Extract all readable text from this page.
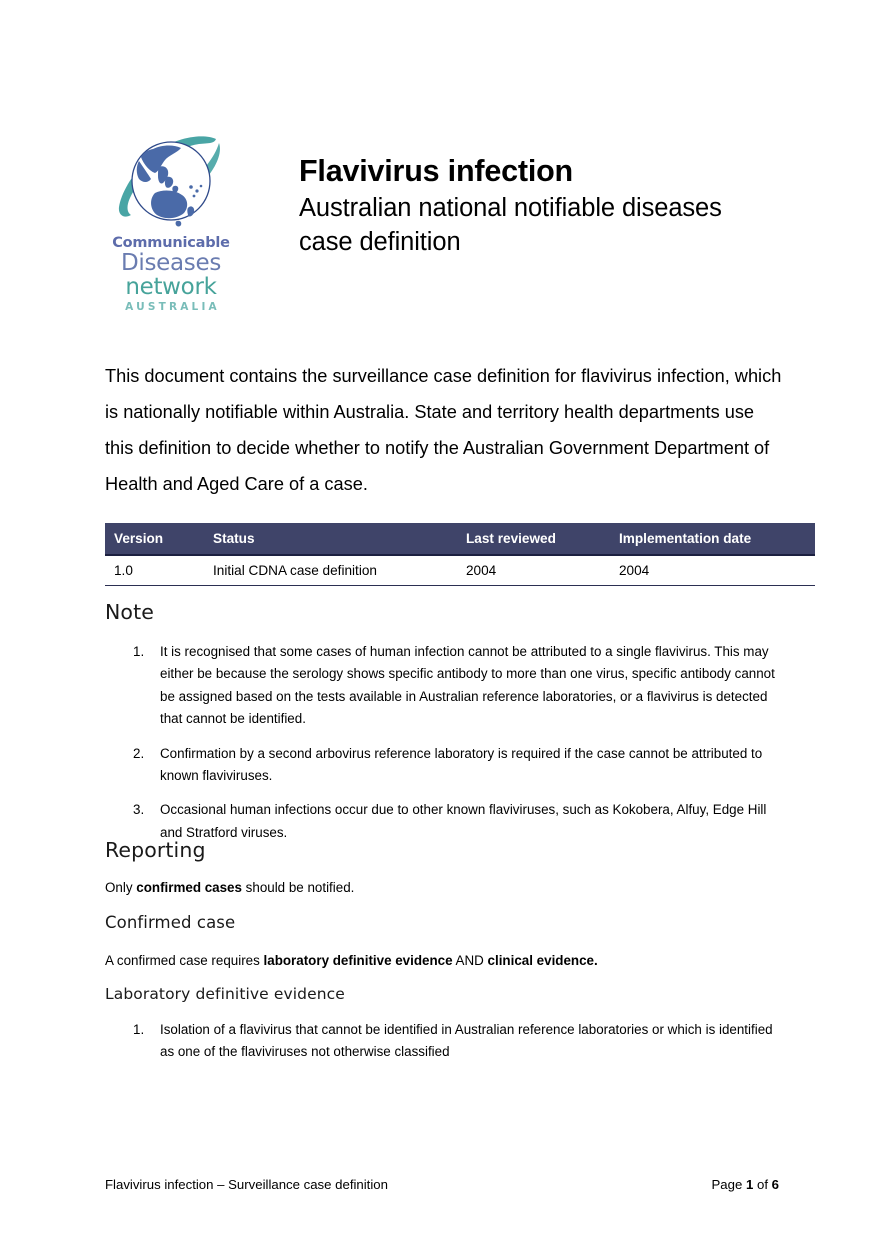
Communicable
Diseases
network
AUSTRALIA
Flavivirus infection
Australian national notifiable diseases case definition
This document contains the surveillance case definition for flavivirus infection, which is nationally notifiable within Australia. State and territory health departments use this definition to decide whether to notify the Australian Government Department of Health and Aged Care of a case.
Version	Status	Last reviewed	Implementation date
1.0	Initial CDNA case definition	2004	2004
Note
1.	It is recognised that some cases of human infection cannot be attributed to a single flavivirus. This may either be because the serology shows specific antibody to more than one virus, specific antibody cannot be assigned based on the tests available in Australian reference laboratories, or a flavivirus is detected that cannot be identified.
2.	Confirmation by a second arbovirus reference laboratory is required if the case cannot be attributed to known flaviviruses.
3.	Occasional human infections occur due to other known flaviviruses, such as Kokobera, Alfuy, Edge Hill and Stratford viruses.
Reporting

Only confirmed cases should be notified.

Confirmed case

A confirmed case requires laboratory definitive evidence AND clinical evidence.

Laboratory definitive evidence
1.	Isolation of a flavivirus that cannot be identified in Australian reference laboratories or which is identified as one of the flaviviruses not otherwise classified
Flavivirus infection – Surveillance case definition	Page 1 of 6
